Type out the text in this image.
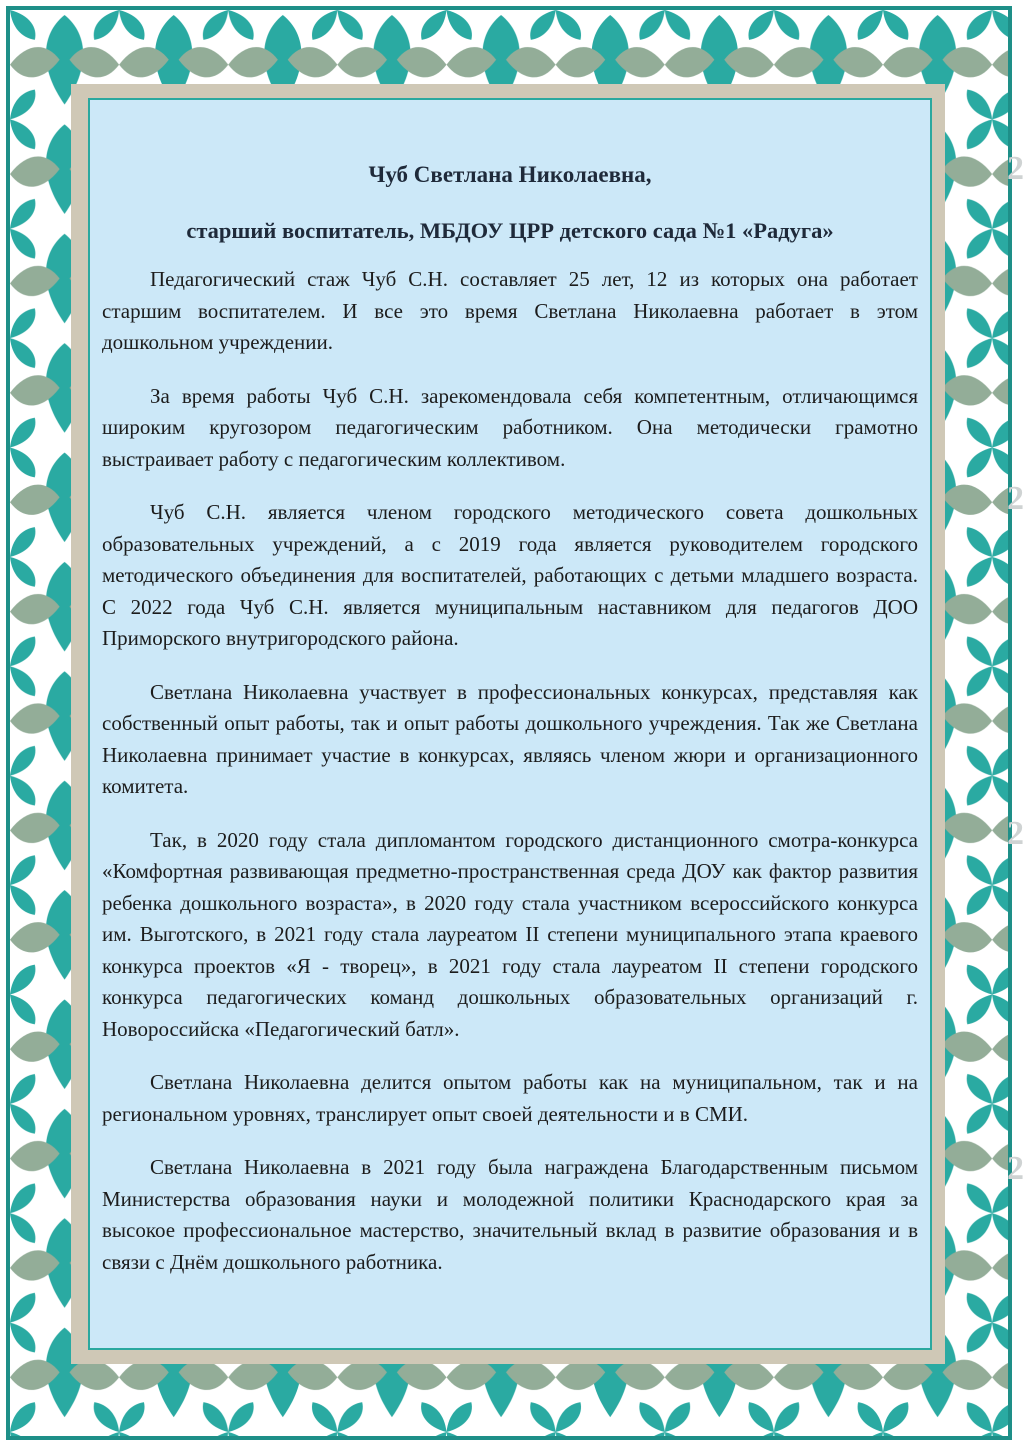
Чуб Светлана Николаевна,
старший воспитатель, МБДОУ ЦРР детского сада №1 «Радуга»

Педагогический стаж Чуб С.Н. составляет 25 лет, 12 из которых она работает старшим воспитателем. И все это время Светлана Николаевна работает в этом дошкольном учреждении.

За время работы Чуб С.Н. зарекомендовала себя компетентным, отличающимся широким кругозором педагогическим работником. Она методически грамотно выстраивает работу с педагогическим коллективом.

Чуб С.Н. является членом городского методического совета дошкольных образовательных учреждений, а с 2019 года является руководителем городского методического объединения для воспитателей, работающих с детьми младшего возраста. С 2022 года Чуб С.Н. является муниципальным наставником для педагогов ДОО Приморского внутригородского района.

Светлана Николаевна участвует в профессиональных конкурсах, представляя как собственный опыт работы, так и опыт работы дошкольного учреждения. Так же Светлана Николаевна принимает участие в конкурсах, являясь членом жюри и организационного комитета.

Так, в 2020 году стала дипломантом городского дистанционного смотра-конкурса «Комфортная развивающая предметно-пространственная среда ДОУ как фактор развития ребенка дошкольного возраста», в 2020 году стала участником всероссийского конкурса им. Выготского, в 2021 году стала лауреатом II степени муниципального этапа краевого конкурса проектов «Я - творец», в 2021 году стала лауреатом II степени городского конкурса педагогических команд дошкольных образовательных организаций г. Новороссийска «Педагогический батл».

Светлана Николаевна делится опытом работы как на муниципальном, так и на региональном уровнях, транслирует опыт своей деятельности и в СМИ.

Светлана Николаевна в 2021 году была награждена Благодарственным письмом Министерства образования науки и молодежной политики Краснодарского края за высокое профессиональное мастерство, значительный вклад в развитие образования и в связи с Днём дошкольного работника.

2
2
2
2
